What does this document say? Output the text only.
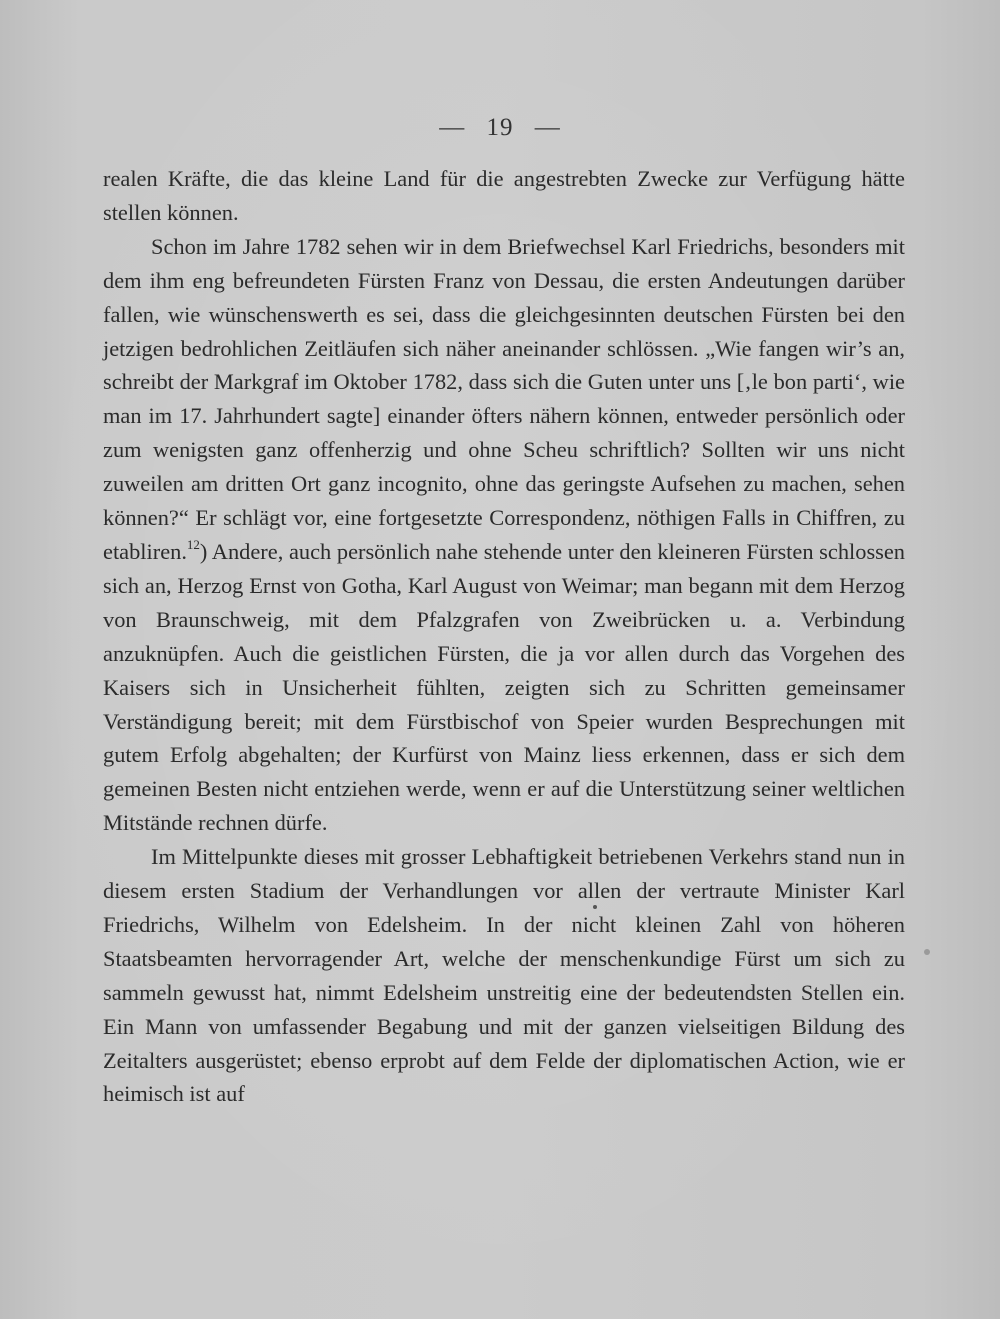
— 19 —

realen Kräfte, die das kleine Land für die angestrebten Zwecke zur Verfügung hätte stellen können.

Schon im Jahre 1782 sehen wir in dem Briefwechsel Karl Friedrichs, besonders mit dem ihm eng befreundeten Fürsten Franz von Dessau, die ersten Andeutungen darüber fallen, wie wünschenswerth es sei, dass die gleichgesinnten deutschen Fürsten bei den jetzigen bedrohlichen Zeitläufen sich näher aneinander schlössen. „Wie fangen wir’s an, schreibt der Markgraf im Oktober 1782, dass sich die Guten unter uns [‚le bon parti‘, wie man im 17. Jahrhundert sagte] einander öfters nähern können, entweder persönlich oder zum wenigsten ganz offenherzig und ohne Scheu schriftlich? Sollten wir uns nicht zuweilen am dritten Ort ganz incognito, ohne das geringste Aufsehen zu machen, sehen können?“ Er schlägt vor, eine fortgesetzte Correspondenz, nöthigen Falls in Chiffren, zu etabliren.$^{12}$) Andere, auch persönlich nahe stehende unter den kleineren Fürsten schlossen sich an, Herzog Ernst von Gotha, Karl August von Weimar; man begann mit dem Herzog von Braunschweig, mit dem Pfalzgrafen von Zweibrücken u. a. Verbindung anzuknüpfen. Auch die geistlichen Fürsten, die ja vor allen durch das Vorgehen des Kaisers sich in Unsicherheit fühlten, zeigten sich zu Schritten gemeinsamer Verständigung bereit; mit dem Fürstbischof von Speier wurden Besprechungen mit gutem Erfolg abgehalten; der Kurfürst von Mainz liess erkennen, dass er sich dem gemeinen Besten nicht entziehen werde, wenn er auf die Unterstützung seiner weltlichen Mitstände rechnen dürfe.

Im Mittelpunkte dieses mit grosser Lebhaftigkeit betriebenen Verkehrs stand nun in diesem ersten Stadium der Verhandlungen vor allen der vertraute Minister Karl Friedrichs, Wilhelm von Edelsheim. In der nicht kleinen Zahl von höheren Staatsbeamten hervorragender Art, welche der menschenkundige Fürst um sich zu sammeln gewusst hat, nimmt Edelsheim unstreitig eine der bedeutendsten Stellen ein. Ein Mann von umfassender Begabung und mit der ganzen vielseitigen Bildung des Zeitalters ausgerüstet; ebenso erprobt auf dem Felde der diplomatischen Action, wie er heimisch ist auf
